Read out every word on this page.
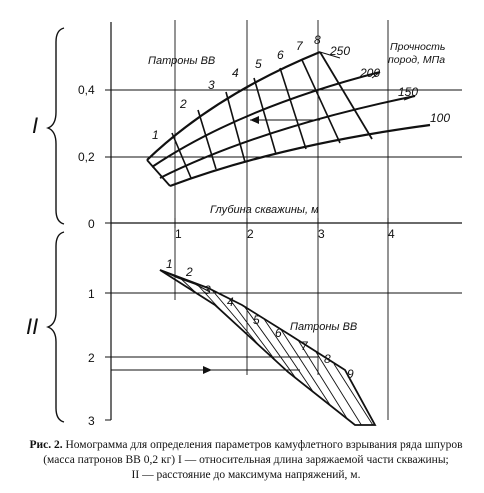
I
II
0,4
0,2
0
1
2
3
1	2	3	4
Глубина скважины, м
Патроны ВВ
Прочность
пород, МПа
1
2
3
4
5
6
7 8
250
200
150
100
Патроны ВВ
1
2
3
4
5
6
7
8
9
Рис. 2. Номограмма для определения параметров камуфлетного взрывания ряда шпуров
(масса патронов ВВ 0,2 кг) I — относительная длина заряжаемой части скважины;
II — расстояние до максимума напряжений, м.
